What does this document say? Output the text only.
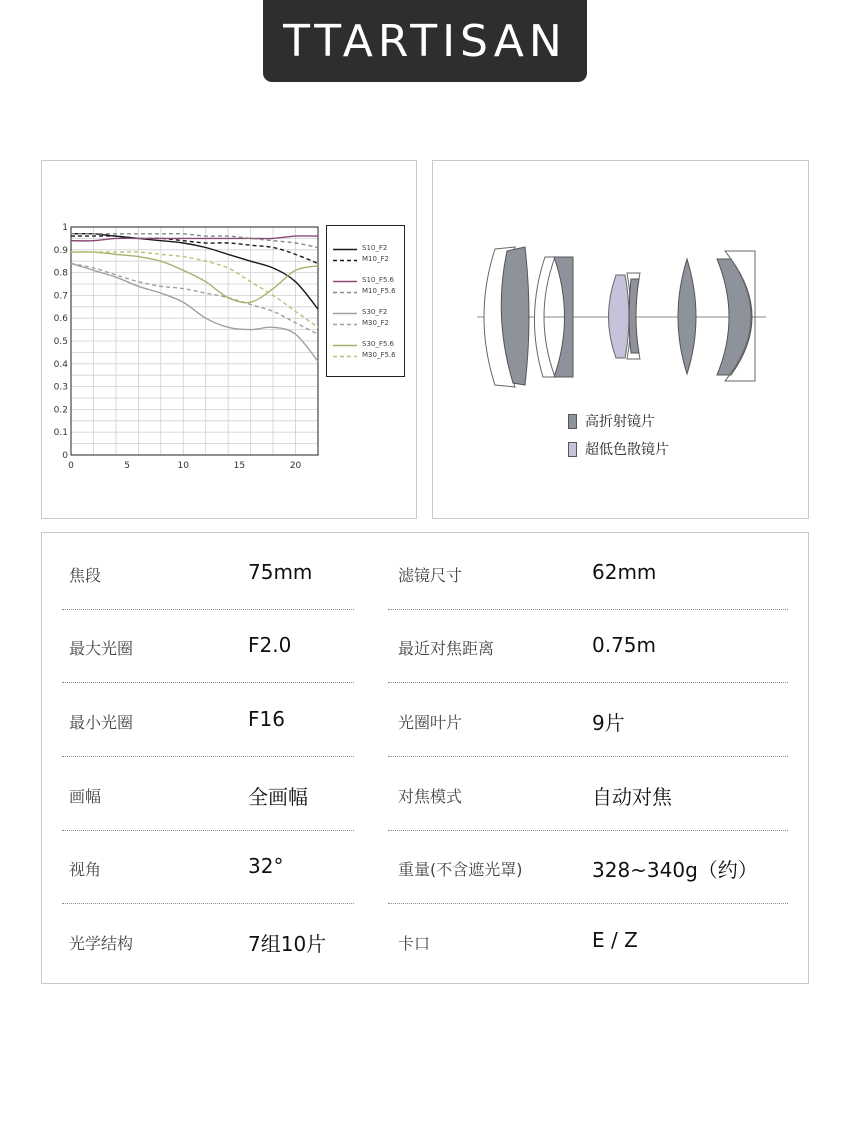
TTARTISAN
0
0.1
0.2
0.3
0.4
0.5
0.6
0.7
0.8
0.9
1
0	5	10	15	20
S10_F2
M10_F2
S10_F5.6
M10_F5.6
S30_F2
M30_F2
S30_F5.6
M30_F5.6
高折射镜片
超低色散镜片
焦段	75mm	滤镜尺寸	62mm
最大光圈	F2.0	最近对焦距离	0.75m
最小光圈	F16	光圈叶片	9片
画幅	全画幅	对焦模式	自动对焦
视角	32°	重量(不含遮光罩)	328~340g（约）
光学结构	7组10片	卡口	E / Z
